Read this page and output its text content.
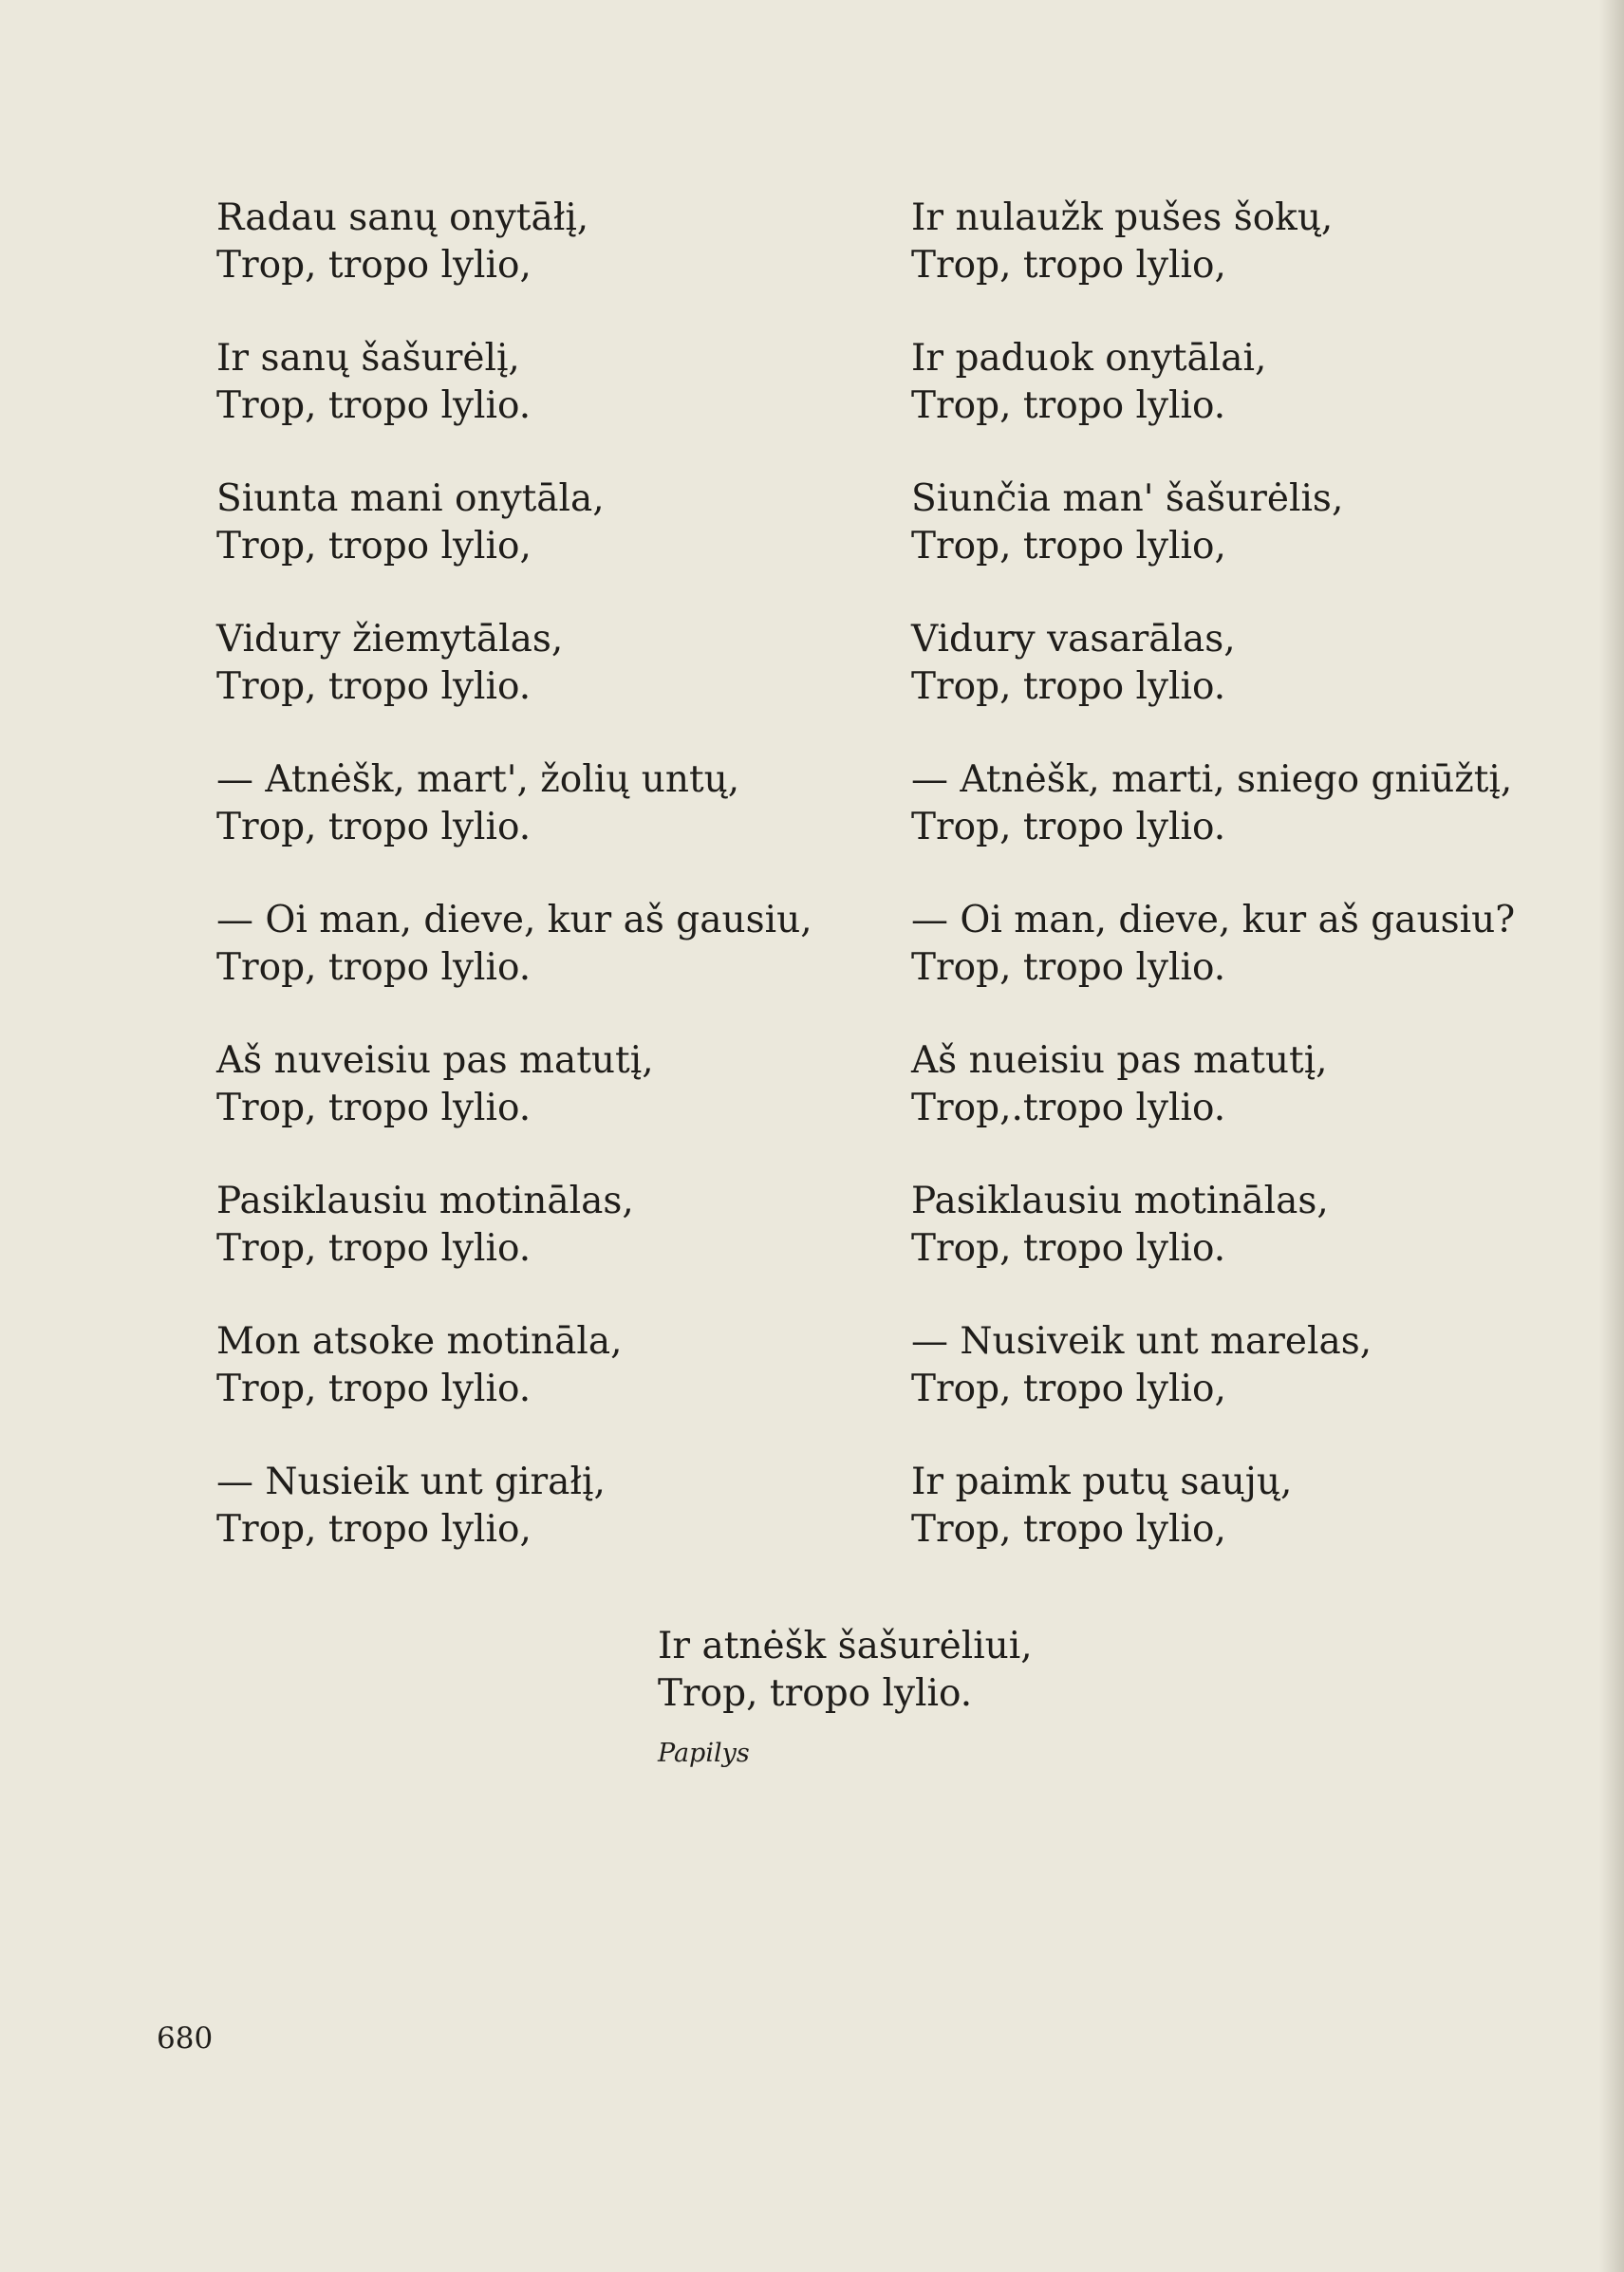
Radau sanų onytāłį,
Trop, tropo lylio,
Ir sanų šašurėlį,
Trop, tropo lylio.
Siunta mani onytāla,
Trop, tropo lylio,
Vidury žiemytālas,
Trop, tropo lylio.
— Atnėšk, mart', žolių untų,
Trop, tropo lylio.
— Oi man, dieve, kur aš gausiu,
Trop, tropo lylio.
Aš nuveisiu pas matutį,
Trop, tropo lylio.
Pasiklausiu motinālas,
Trop, tropo lylio.
Mon atsoke motināla,
Trop, tropo lylio.
— Nusieik unt girałį,
Trop, tropo lylio,
Ir nulaužk pušes šokų,
Trop, tropo lylio,
Ir paduok onytālai,
Trop, tropo lylio.
Siunčia man' šašurėlis,
Trop, tropo lylio,
Vidury vasarālas,
Trop, tropo lylio.
— Atnėšk, marti, sniego gniūžtį,
Trop, tropo lylio.
— Oi man, dieve, kur aš gausiu?
Trop, tropo lylio.
Aš nueisiu pas matutį,
Trop,.tropo lylio.
Pasiklausiu motinālas,
Trop, tropo lylio.
— Nusiveik unt marelas,
Trop, tropo lylio,
Ir paimk putų saujų,
Trop, tropo lylio,
Ir atnėšk šašurėliui,
Trop, tropo lylio.
Papilys
680
